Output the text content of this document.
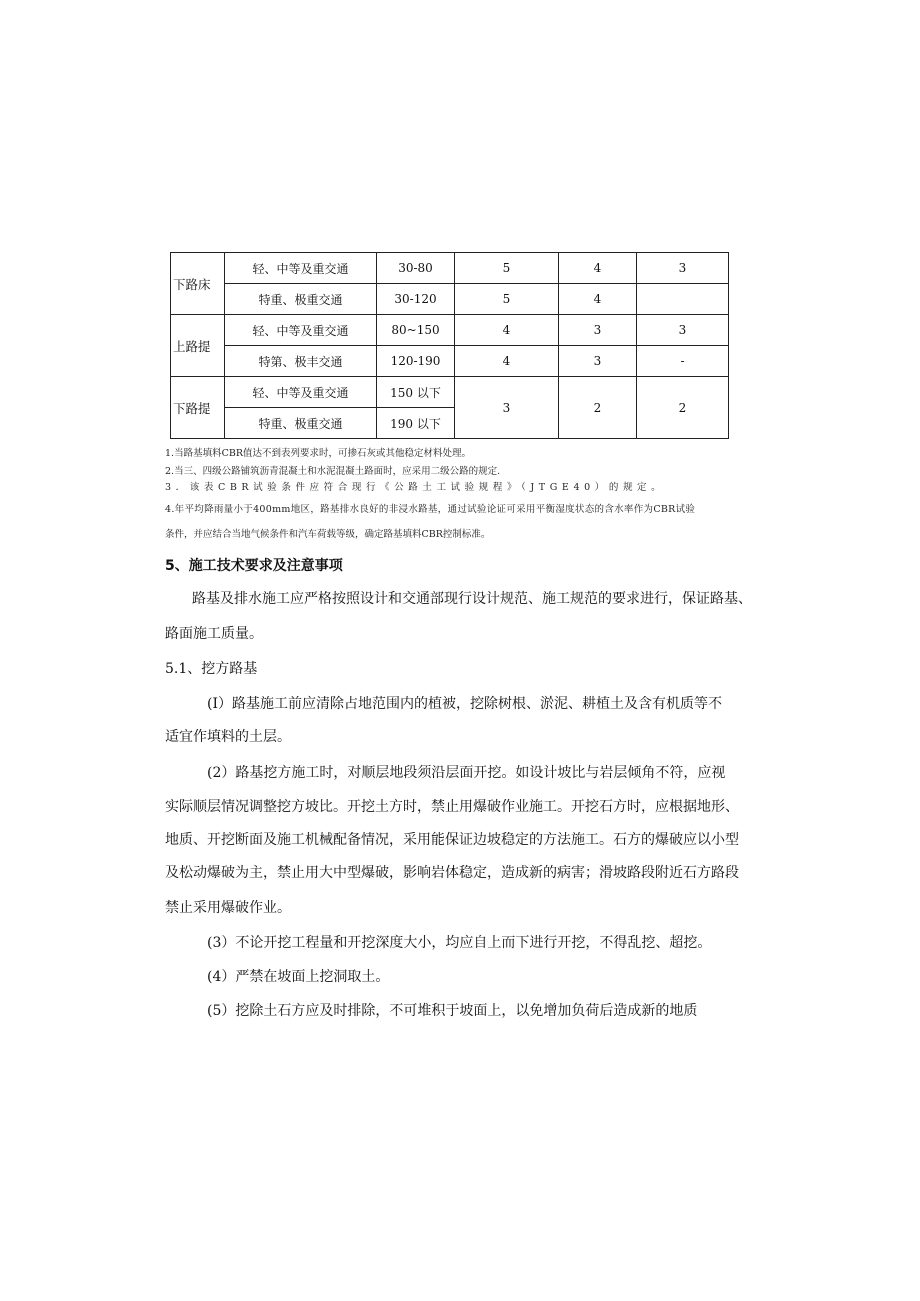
下路床	轻、中等及重交通	30-80	5	4	3
	特重、极重交通	30-120	5	4	
上路提	轻、中等及重交通	80~150	4	3	3
	特第、极丰交通	120-190	4	3	-
下路提	轻、中等及重交通	150 以下	3	2	2
	特重、极重交通	190 以下			
1.当路基填料CBR值达不到表列要求时，可掺石灰或其他稳定材料处理。
2.当三、四级公路铺筑沥青混凝土和水泥混凝土路面时，应采用二级公路的规定.
3．该表CBR试验条件应符合现行《公路土工试验规程》（JTGE40）的规定。
4.年平均降雨量小于400mm地区，路基排水良好的非浸水路基，通过试验论证可采用平衡湿度状态的含水率作为CBR试验
条件，并应结合当地气候条件和汽车荷载等级，确定路基填料CBR控制标准。
5、施工技术要求及注意事项
路基及排水施工应严格按照设计和交通部现行设计规范、施工规范的要求进行，保证路基、
路面施工质量。
5.1、挖方路基
(I）路基施工前应清除占地范围内的植被，挖除树根、淤泥、耕植土及含有机质等不
适宜作填料的土层。
(2）路基挖方施工时，对顺层地段须沿层面开挖。如设计坡比与岩层倾角不符，应视
实际顺层情况调整挖方坡比。开挖土方时，禁止用爆破作业施工。开挖石方时，应根据地形、
地质、开挖断面及施工机械配备情况，采用能保证边坡稳定的方法施工。石方的爆破应以小型
及松动爆破为主，禁止用大中型爆破，影响岩体稳定，造成新的病害；滑坡路段附近石方路段
禁止采用爆破作业。
(3）不论开挖工程量和开挖深度大小，均应自上而下进行开挖，不得乱挖、超挖。
(4）严禁在坡面上挖洞取土。
(5）挖除土石方应及时排除，不可堆积于坡面上，以免增加负荷后造成新的地质
